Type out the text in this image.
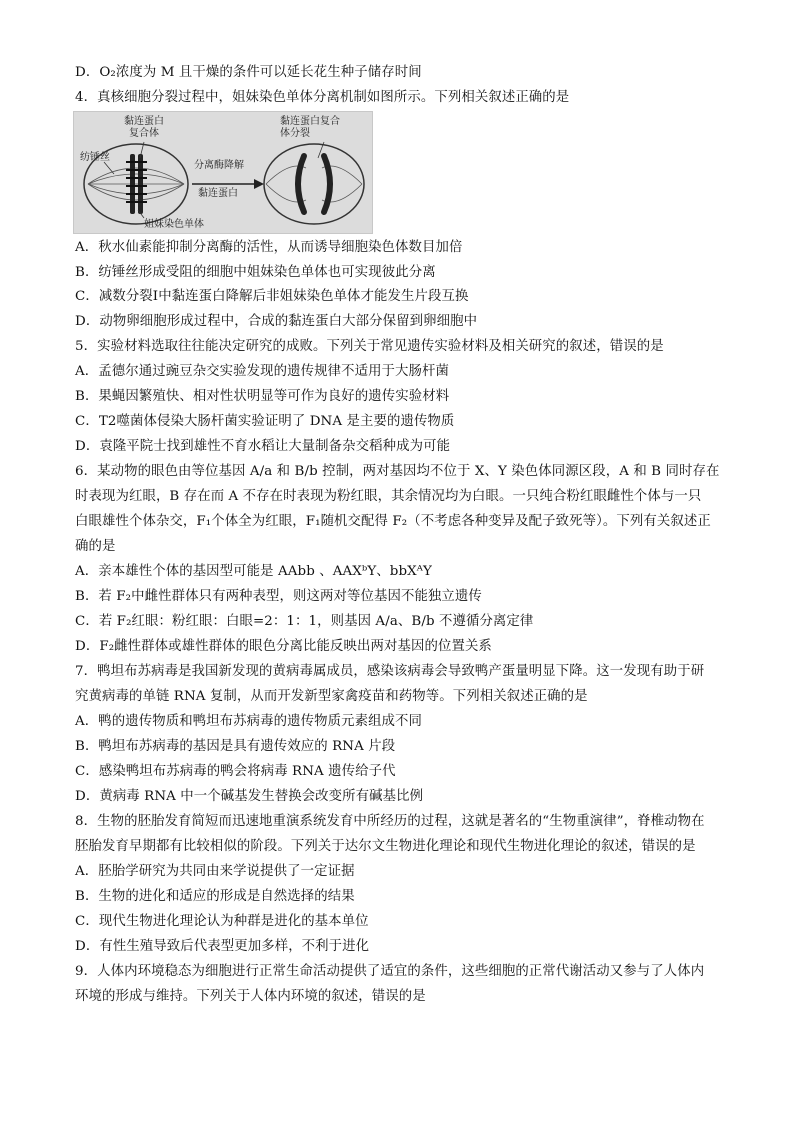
D．O₂浓度为 M 且干燥的条件可以延长花生种子储存时间
4．真核细胞分裂过程中，姐妹染色单体分离机制如图所示。下列相关叙述正确的是
黏连蛋白
复合体
纺锤丝
分离酶降解
黏连蛋白
黏连蛋白复合
体分裂
姐妹染色单体
A．秋水仙素能抑制分离酶的活性，从而诱导细胞染色体数目加倍
B．纺锤丝形成受阻的细胞中姐妹染色单体也可实现彼此分离
C．减数分裂Ⅰ中黏连蛋白降解后非姐妹染色单体才能发生片段互换
D．动物卵细胞形成过程中，合成的黏连蛋白大部分保留到卵细胞中
5．实验材料选取往往能决定研究的成败。下列关于常见遗传实验材料及相关研究的叙述，错误的是
A．孟德尔通过豌豆杂交实验发现的遗传规律不适用于大肠杆菌
B．果蝇因繁殖快、相对性状明显等可作为良好的遗传实验材料
C．T2噬菌体侵染大肠杆菌实验证明了 DNA 是主要的遗传物质
D．袁隆平院士找到雄性不育水稻让大量制备杂交稻种成为可能
6．某动物的眼色由等位基因 A/a 和 B/b 控制，两对基因均不位于 X、Y 染色体同源区段，A 和 B 同时存在
时表现为红眼，B 存在而 A 不存在时表现为粉红眼，其余情况均为白眼。一只纯合粉红眼雌性个体与一只
白眼雄性个体杂交，F₁个体全为红眼，F₁随机交配得 F₂（不考虑各种变异及配子致死等）。下列有关叙述正
确的是
A．亲本雄性个体的基因型可能是 AAbb 、AAXᵇY、bbXᴬY
B．若 F₂中雌性群体只有两种表型，则这两对等位基因不能独立遗传
C．若 F₂红眼：粉红眼：白眼=2：1：1，则基因 A/a、B/b 不遵循分离定律
D．F₂雌性群体或雄性群体的眼色分离比能反映出两对基因的位置关系
7．鸭坦布苏病毒是我国新发现的黄病毒属成员，感染该病毒会导致鸭产蛋量明显下降。这一发现有助于研
究黄病毒的单链 RNA 复制，从而开发新型家禽疫苗和药物等。下列相关叙述正确的是
A．鸭的遗传物质和鸭坦布苏病毒的遗传物质元素组成不同
B．鸭坦布苏病毒的基因是具有遗传效应的 RNA 片段
C．感染鸭坦布苏病毒的鸭会将病毒 RNA 遗传给子代
D．黄病毒 RNA 中一个碱基发生替换会改变所有碱基比例
8．生物的胚胎发育简短而迅速地重演系统发育中所经历的过程，这就是著名的“生物重演律”，脊椎动物在
胚胎发育早期都有比较相似的阶段。下列关于达尔文生物进化理论和现代生物进化理论的叙述，错误的是
A．胚胎学研究为共同由来学说提供了一定证据
B．生物的进化和适应的形成是自然选择的结果
C．现代生物进化理论认为种群是进化的基本单位
D．有性生殖导致后代表型更加多样，不利于进化
9．人体内环境稳态为细胞进行正常生命活动提供了适宜的条件，这些细胞的正常代谢活动又参与了人体内
环境的形成与维持。下列关于人体内环境的叙述，错误的是
